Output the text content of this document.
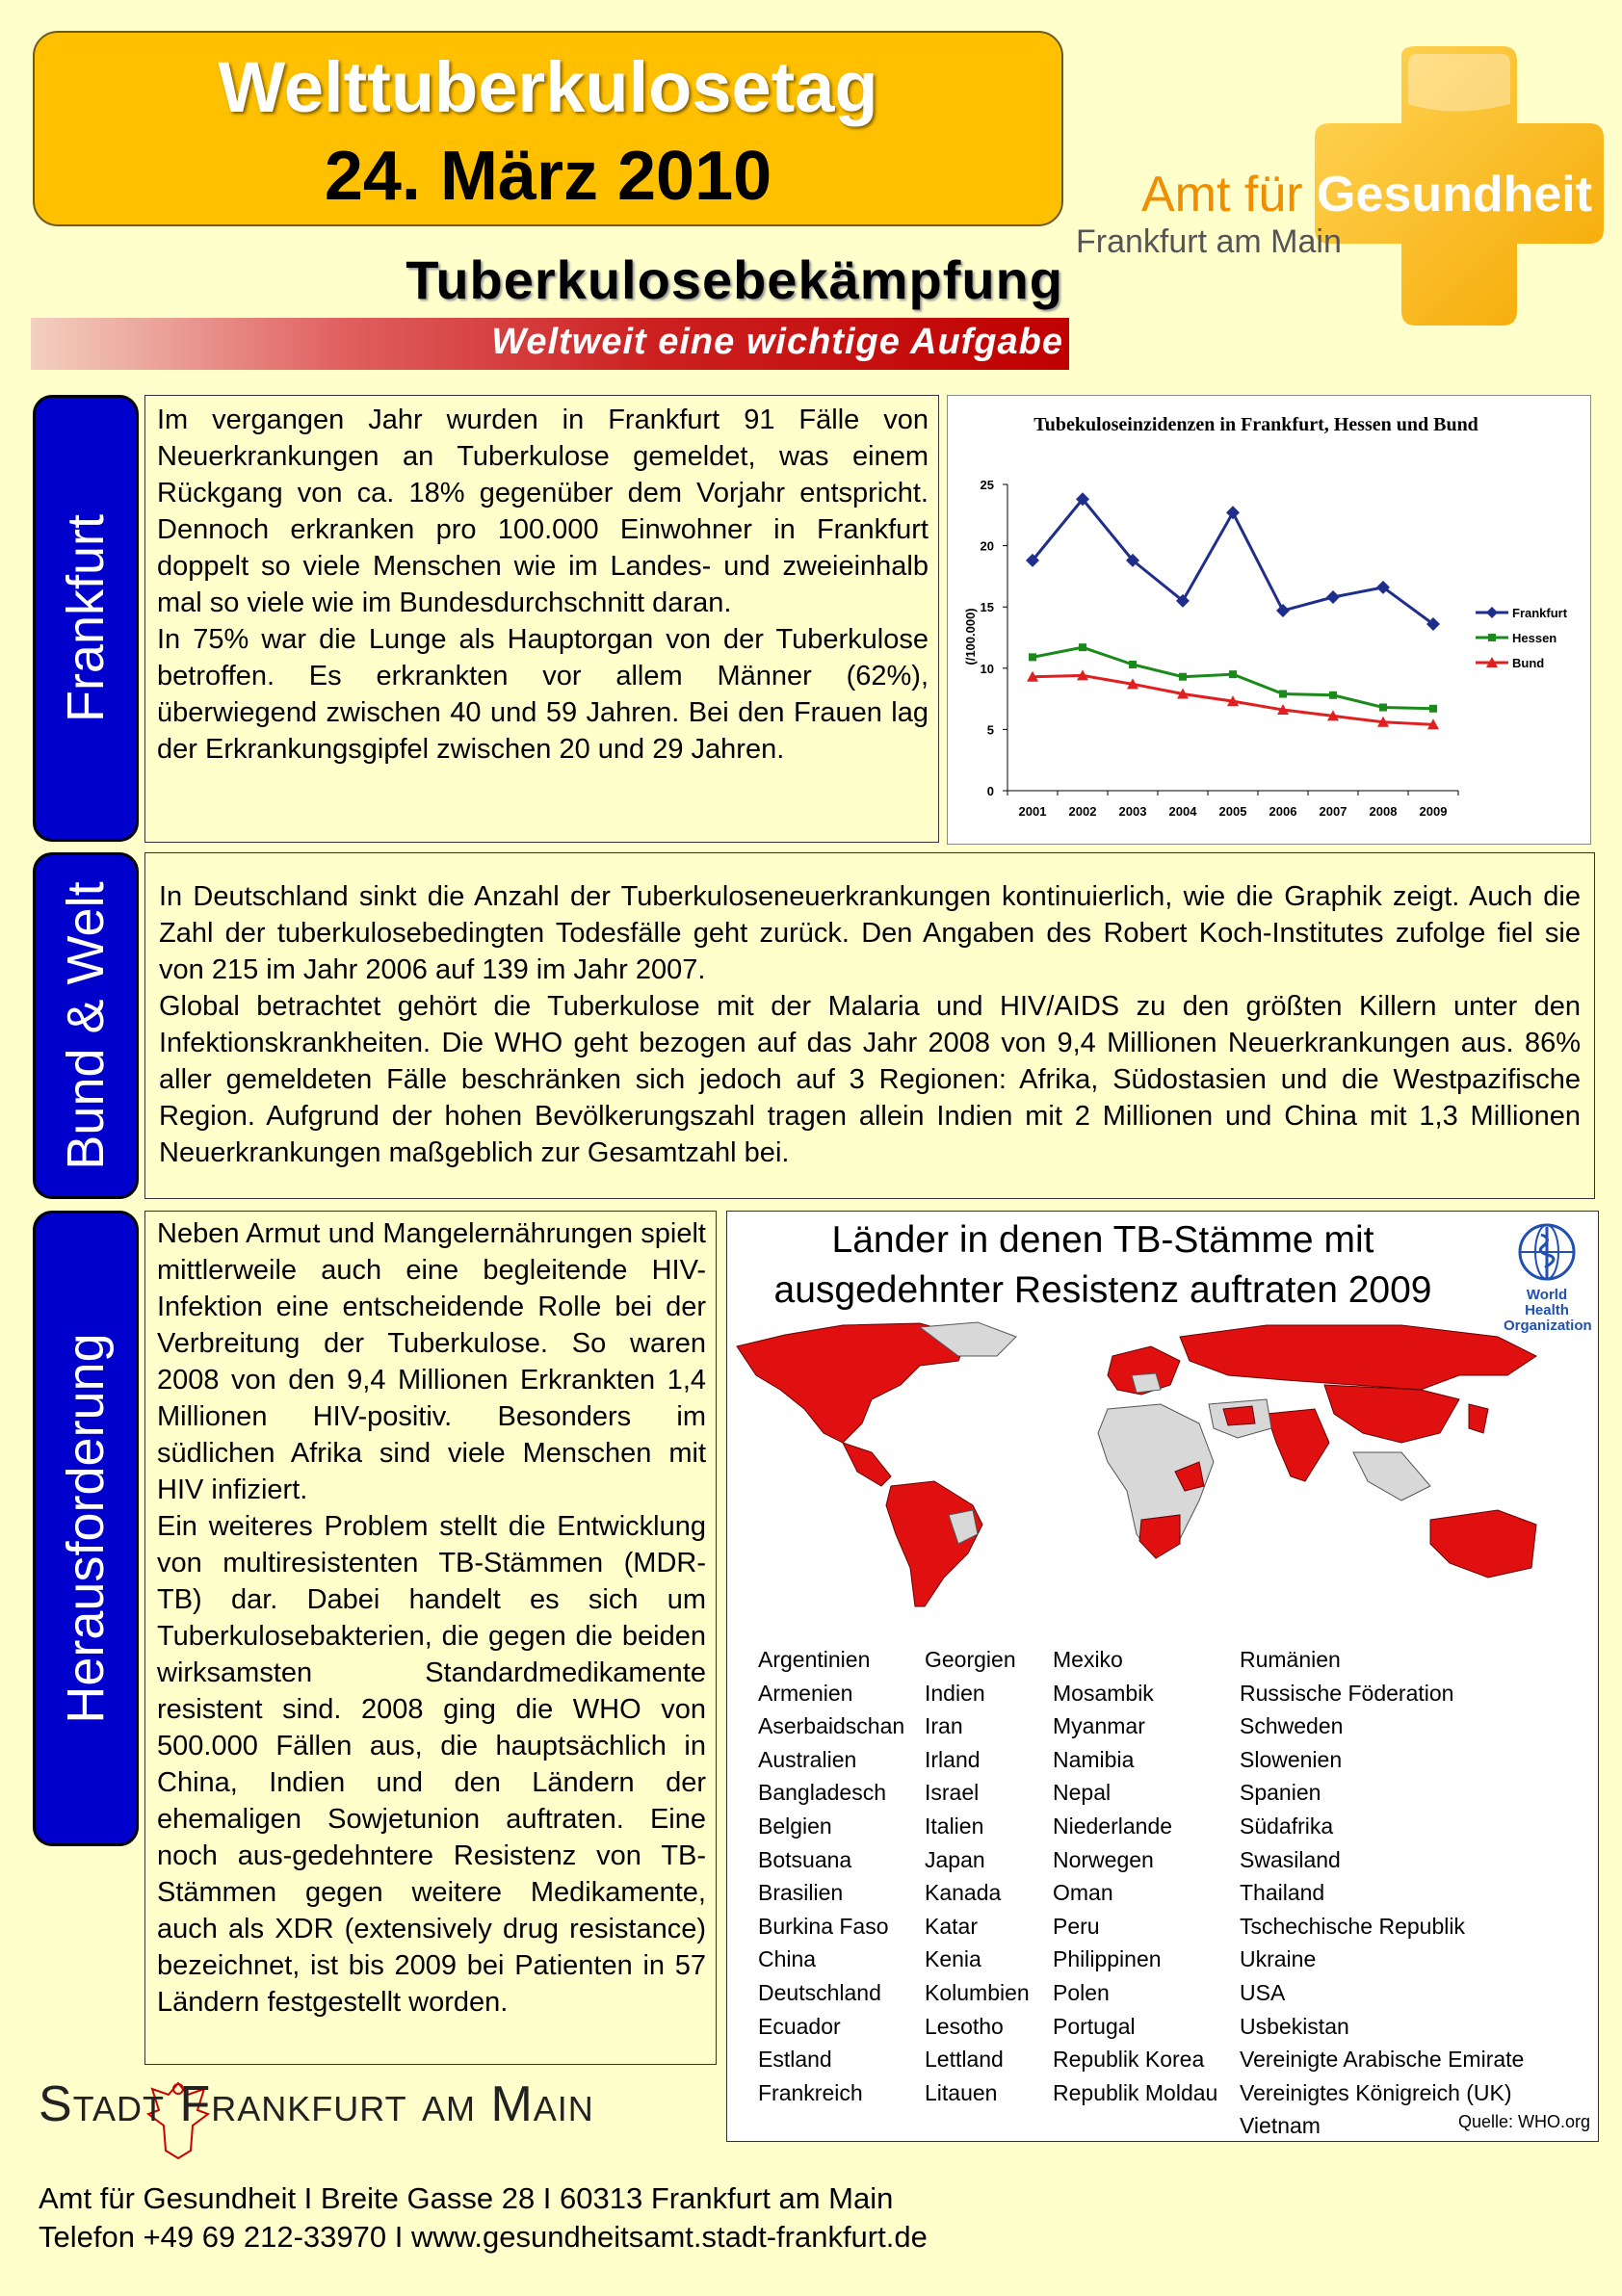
Welttuberkulosetag
24. März 2010
Tuberkulosebekämpfung
Weltweit eine wichtige Aufgabe
Amt für Gesundheit
Frankfurt am Main
Frankfurt

Im vergangen Jahr wurden in Frankfurt 91 Fälle von Neuerkrankungen an Tuberkulose gemeldet, was einem Rückgang von ca. 18% gegenüber dem Vorjahr entspricht. Dennoch erkranken pro 100.000 Einwohner in Frankfurt doppelt so viele Menschen wie im Landes- und zweieinhalb mal so viele wie im Bundesdurchschnitt daran.

In 75% war die Lunge als Hauptorgan von der Tuberkulose betroffen. Es erkrankten vor allem Männer (62%), überwiegend zwischen 40 und 59 Jahren. Bei den Frauen lag der Erkrankungsgipfel zwischen 20 und 29 Jahren.

Tubekuloseinzidenzen in Frankfurt, Hessen und Bund
(/100.000)
0
5
10
15
20
25
2001 2002 2003 2004 2005 2006 2007 2008 2009
Frankfurt
Hessen
Bund
Bund & Welt In Deutschland sinkt die Anzahl der Tuberkuloseneuerkrankungen kontinuierlich, wie die Graphik zeigt. Auch die Zahl der tuberkulosebedingten Todesfälle geht zurück. Den Angaben des Robert Koch-Institutes zufolge fiel sie von 215 im Jahr 2006 auf 139 im Jahr 2007.

Global betrachtet gehört die Tuberkulose mit der Malaria und HIV/AIDS zu den größten Killern unter den Infektionskrankheiten. Die WHO geht bezogen auf das Jahr 2008 von 9,4 Millionen Neuerkrankungen aus. 86% aller gemeldeten Fälle beschränken sich jedoch auf 3 Regionen: Afrika, Südostasien und die Westpazifische Region. Aufgrund der hohen Bevölkerungszahl tragen allein Indien mit 2 Millionen und China mit 1,3 Millionen Neuerkrankungen maßgeblich zur Gesamtzahl bei.

Herausforderung

Neben Armut und Mangelernährungen spielt mittlerweile auch eine begleitende HIV-Infektion eine entscheidende Rolle bei der Verbreitung der Tuberkulose. So waren 2008 von den 9,4 Millionen Erkrankten 1,4 Millionen HIV-positiv. Besonders im südlichen Afrika sind viele Menschen mit HIV infiziert.

Ein weiteres Problem stellt die Entwicklung von multiresistenten TB-Stämmen (MDR-TB) dar. Dabei handelt es sich um Tuberkulosebakterien, die gegen die beiden wirksamsten Standardmedikamente resistent sind. 2008 ging die WHO von 500.000 Fällen aus, die hauptsächlich in China, Indien und den Ländern der ehemaligen Sowjetunion auftraten. Eine noch aus-gedehntere Resistenz von TB-Stämmen gegen weitere Medikamente, auch als XDR (extensively drug resistance) bezeichnet, ist bis 2009 bei Patienten in 57 Ländern festgestellt worden.

Länder in denen TB-Stämme mit ausgedehnter Resistenz auftraten 2009	World Health Organization
Argentinien
Armenien
Aserbaidschan
Australien
Bangladesch
Belgien
Botsuana
Brasilien
Burkina Faso
China
Deutschland
Ecuador
Estland
Frankreich
Georgien
Indien
Iran
Irland
Israel
Italien
Japan
Kanada
Katar
Kenia
Kolumbien
Lesotho
Lettland
Litauen
Mexiko
Mosambik
Myanmar
Namibia
Nepal
Niederlande
Norwegen
Oman
Peru
Philippinen
Polen
Portugal
Republik Korea
Republik Moldau
Rumänien
Russische Föderation
Schweden
Slowenien
Spanien
Südafrika
Swasiland
Thailand
Tschechische Republik
Ukraine
USA
Usbekistan
Vereinigte Arabische Emirate
Vereinigtes Königreich (UK)
Vietnam	Quelle: WHO.org
Stadt Frankfurt am Main
Amt für Gesundheit I Breite Gasse 28 I 60313 Frankfurt am Main
Telefon +49 69 212-33970 I www.gesundheitsamt.stadt-frankfurt.de
